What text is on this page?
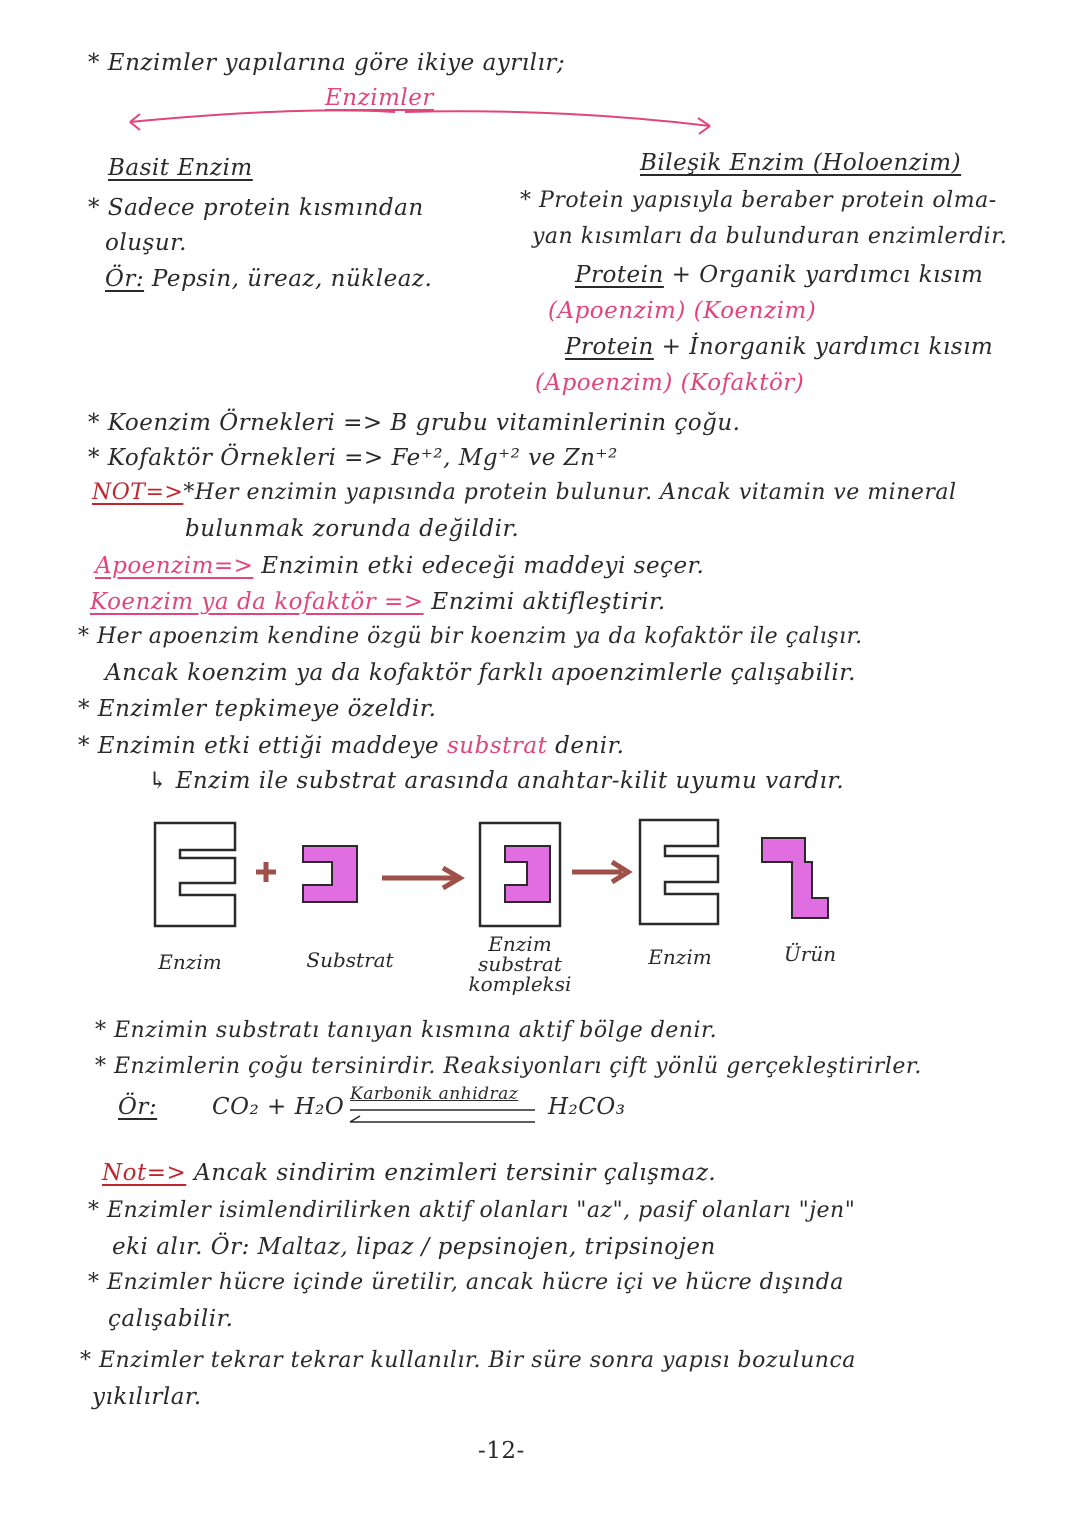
* Enzimler yapılarına göre ikiye ayrılır;
Enzimler
Basit Enzim
* Sadece protein kısmından
oluşur.
Ör: Pepsin, üreaz, nükleaz.
Bileşik Enzim (Holoenzim)
* Protein yapısıyla beraber protein olma-
yan kısımları da bulunduran enzimlerdir.
Protein + Organik yardımcı kısım
(Apoenzim) (Koenzim)
Protein + İnorganik yardımcı kısım
(Apoenzim) (Kofaktör)
* Koenzim Örnekleri => B grubu vitaminlerinin çoğu.
* Kofaktör Örnekleri => Fe⁺², Mg⁺² ve Zn⁺²
NOT=>*Her enzimin yapısında protein bulunur. Ancak vitamin ve mineral
bulunmak zorunda değildir.
Apoenzim=> Enzimin etki edeceği maddeyi seçer.
Koenzim ya da kofaktör => Enzimi aktifleştirir.
* Her apoenzim kendine özgü bir koenzim ya da kofaktör ile çalışır.
Ancak koenzim ya da kofaktör farklı apoenzimlerle çalışabilir.
* Enzimler tepkimeye özeldir.
* Enzimin etki ettiği maddeye substrat denir.
↳ Enzim ile substrat arasında anahtar-kilit uyumu vardır.
Enzim	Substrat
Enzim
substrat
kompleksi
Enzim	Ürün
* Enzimin substratı tanıyan kısmına aktif bölge denir.
* Enzimlerin çoğu tersinirdir. Reaksiyonları çift yönlü gerçekleştirirler.
Ör: CO₂ + H₂O Karbonik anhidraz H₂CO₃
Not=> Ancak sindirim enzimleri tersinir çalışmaz.
* Enzimler isimlendirilirken aktif olanları "az", pasif olanları "jen"
eki alır. Ör: Maltaz, lipaz / pepsinojen, tripsinojen
* Enzimler hücre içinde üretilir, ancak hücre içi ve hücre dışında
çalışabilir.
* Enzimler tekrar tekrar kullanılır. Bir süre sonra yapısı bozulunca
yıkılırlar.
-12-
